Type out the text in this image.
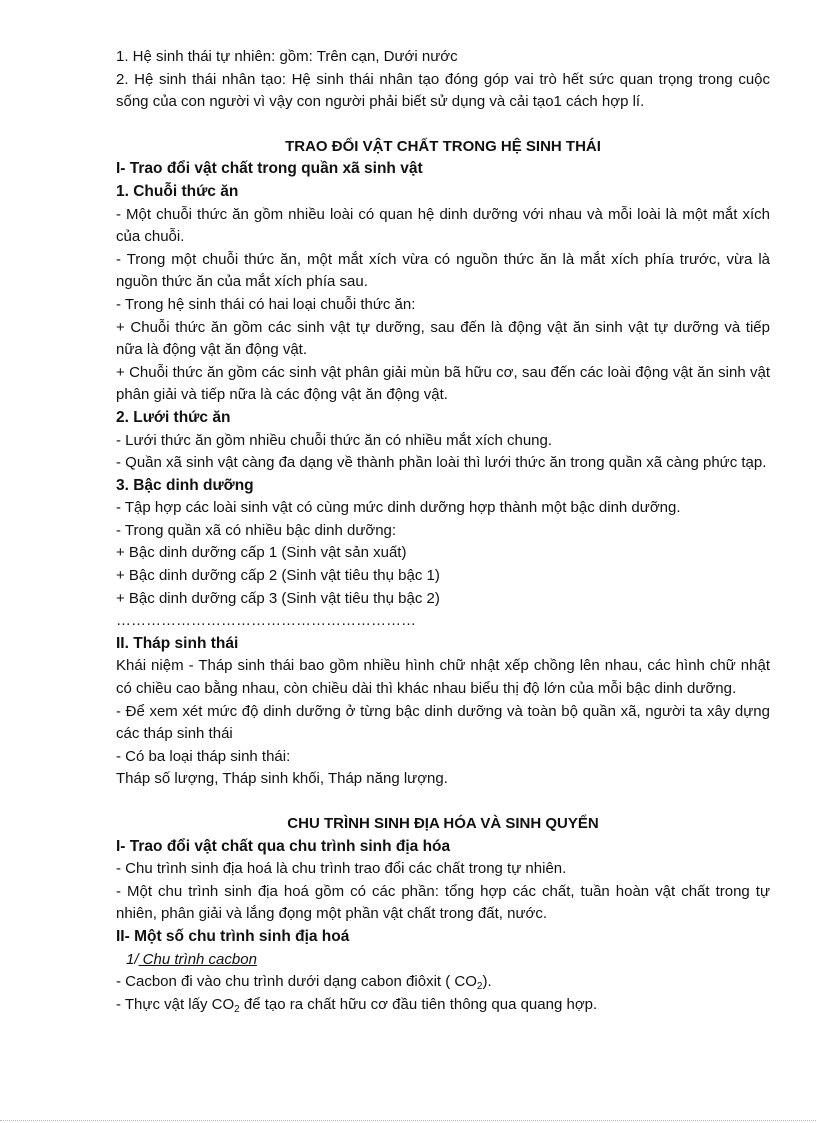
1. Hệ sinh thái tự nhiên: gồm: Trên cạn, Dưới nước

2. Hệ sinh thái nhân tạo: Hệ sinh thái nhân tạo đóng góp vai trò hết sức quan trọng trong cuộc sống của con người vì vậy con người phải biết sử dụng và cải tạo1 cách hợp lí.

TRAO ĐỔI VẬT CHẤT TRONG HỆ SINH THÁI

I- Trao đổi vật chất trong quần xã sinh vật

1. Chuỗi thức ăn

- Một chuỗi thức ăn gồm nhiều loài có quan hệ dinh dưỡng với nhau và mỗi loài là một mắt xích của chuỗi.

- Trong một chuỗi thức ăn, một mắt xích vừa có nguồn thức ăn là mắt xích phía trước, vừa là nguồn thức ăn của mắt xích phía sau.

- Trong hệ sinh thái có hai loại chuỗi thức ăn:

+ Chuỗi thức ăn gồm các sinh vật tự dưỡng, sau đến là động vật ăn sinh vật tự dưỡng và tiếp nữa là động vật ăn động vật.

+ Chuỗi thức ăn gồm các sinh vật phân giải mùn bã hữu cơ, sau đến các loài động vật ăn sinh vật phân giải và tiếp nữa là các động vật ăn động vật.

2. Lưới thức ăn

- Lưới thức ăn gồm nhiều chuỗi thức ăn có nhiều mắt xích chung.

- Quần xã sinh vật càng đa dạng về thành phần loài thì lưới thức ăn trong quần xã càng phức tạp.

3. Bậc dinh dưỡng

- Tập hợp các loài sinh vật có cùng mức dinh dưỡng hợp thành một bậc dinh dưỡng.

- Trong quần xã có nhiều bậc dinh dưỡng:

+ Bậc dinh dưỡng cấp 1 (Sinh vật sản xuất)

+ Bậc dinh dưỡng cấp 2 (Sinh vật tiêu thụ bậc 1)

+ Bậc dinh dưỡng cấp 3 (Sinh vật tiêu thụ bậc 2)

……………………………………………………

II. Tháp sinh thái

Khái niệm - Tháp sinh thái bao gồm nhiều hình chữ nhật xếp chồng lên nhau, các hình chữ nhật có chiều cao bằng nhau, còn chiều dài thì khác nhau biểu thị độ lớn của mỗi bậc dinh dưỡng.

- Để xem xét mức độ dinh dưỡng ở từng bậc dinh dưỡng và toàn bộ quần xã, người ta xây dựng các tháp sinh thái

- Có ba loại tháp sinh thái:

Tháp số lượng, Tháp sinh khối, Tháp năng lượng.

CHU TRÌNH SINH ĐỊA HÓA VÀ SINH QUYỂN

I- Trao đổi vật chất qua chu trình sinh địa hóa

- Chu trình sinh địa hoá là chu trình trao đổi các chất trong tự nhiên.

- Một chu trình sinh địa hoá gồm có các phần: tổng hợp các chất, tuần hoàn vật chất trong tự nhiên, phân giải và lắng đọng một phần vật chất trong đất, nước.

II- Một số chu trình sinh địa hoá

1/ Chu trình cacbon

- Cacbon đi vào chu trình dưới dạng cabon điôxit ( $CO_2$).

- Thực vật lấy $CO_2$ để tạo ra chất hữu cơ đầu tiên thông qua quang hợp.
